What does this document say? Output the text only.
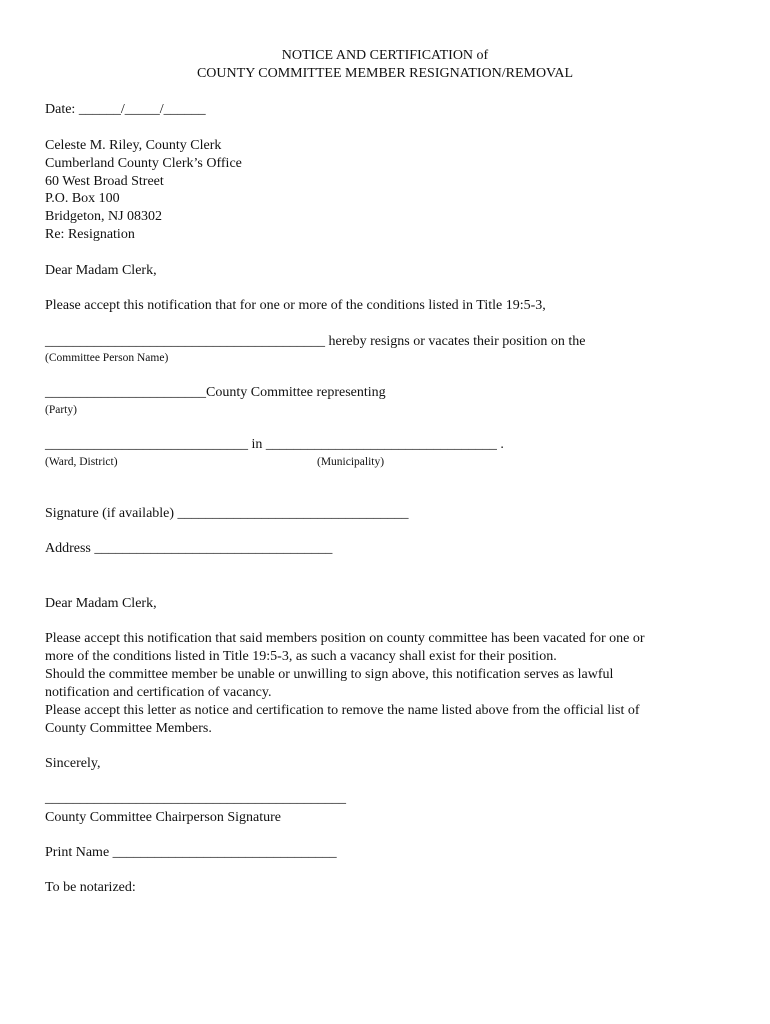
NOTICE AND CERTIFICATION of
COUNTY COMMITTEE MEMBER RESIGNATION/REMOVAL
Date: ______/_____/______
Celeste M. Riley, County Clerk
Cumberland County Clerk’s Office
60 West Broad Street
P.O. Box 100
Bridgeton, NJ 08302
Re: Resignation
Dear Madam Clerk,
Please accept this notification that for one or more of the conditions listed in Title 19:5-3,
________________________________________ hereby resigns or vacates their position on the
(Committee Person Name)
_______________________County Committee representing
(Party)
_____________________________ in _________________________________ .
(Ward, District)	(Municipality)
Signature (if available) _________________________________
Address __________________________________
Dear Madam Clerk,
Please accept this notification that said members position on county committee has been vacated for one or
more of the conditions listed in Title 19:5-3, as such a vacancy shall exist for their position.
Should the committee member be unable or unwilling to sign above, this notification serves as lawful
notification and certification of vacancy.
Please accept this letter as notice and certification to remove the name listed above from the official list of
County Committee Members.
Sincerely,
___________________________________________
County Committee Chairperson Signature
Print Name ________________________________
To be notarized:
